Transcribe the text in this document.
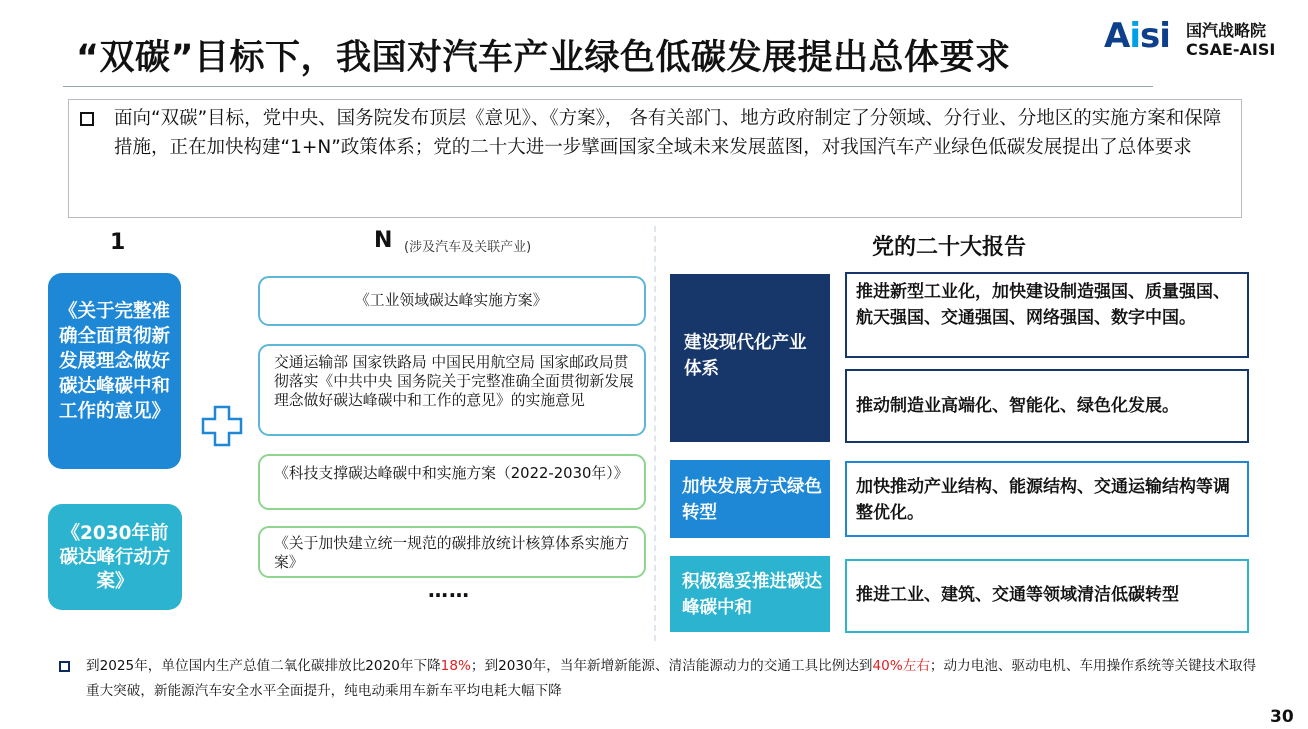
“双碳”目标下，我国对汽车产业绿色低碳发展提出总体要求
Aisi 国汽战略院
CSAE-AISI
面向“双碳”目标，党中央、国务院发布顶层《意见》、《方案》， 各有关部门、地方政府制定了分领域、分行业、分地区的实施方案和保障措施，正在加快构建“1+N”政策体系；党的二十大进一步擘画国家全域未来发展蓝图，对我国汽车产业绿色低碳发展提出了总体要求
1	N (涉及汽车及关联产业)	党的二十大报告
《关于完整准确全面贯彻新发展理念做好碳达峰碳中和工作的意见》
《2030年前碳达峰行动方案》
《工业领域碳达峰实施方案》
交通运输部 国家铁路局 中国民用航空局 国家邮政局贯彻落实《中共中央 国务院关于完整准确全面贯彻新发展理念做好碳达峰碳中和工作的意见》的实施意见
《科技支撑碳达峰碳中和实施方案（2022-2030年）》
《关于加快建立统一规范的碳排放统计核算体系实施方案》
……
建设现代化产业体系
加快发展方式绿色转型
积极稳妥推进碳达峰碳中和
推进新型工业化，加快建设制造强国、质量强国、航天强国、交通强国、网络强国、数字中国。
推动制造业高端化、智能化、绿色化发展。
加快推动产业结构、能源结构、交通运输结构等调整优化。
推进工业、建筑、交通等领域清洁低碳转型
到2025年，单位国内生产总值二氧化碳排放比2020年下降18%；到2030年，当年新增新能源、清洁能源动力的交通工具比例达到40%左右；动力电池、驱动电机、车用操作系统等关键技术取得重大突破，新能源汽车安全水平全面提升，纯电动乘用车新车平均电耗大幅下降
30
